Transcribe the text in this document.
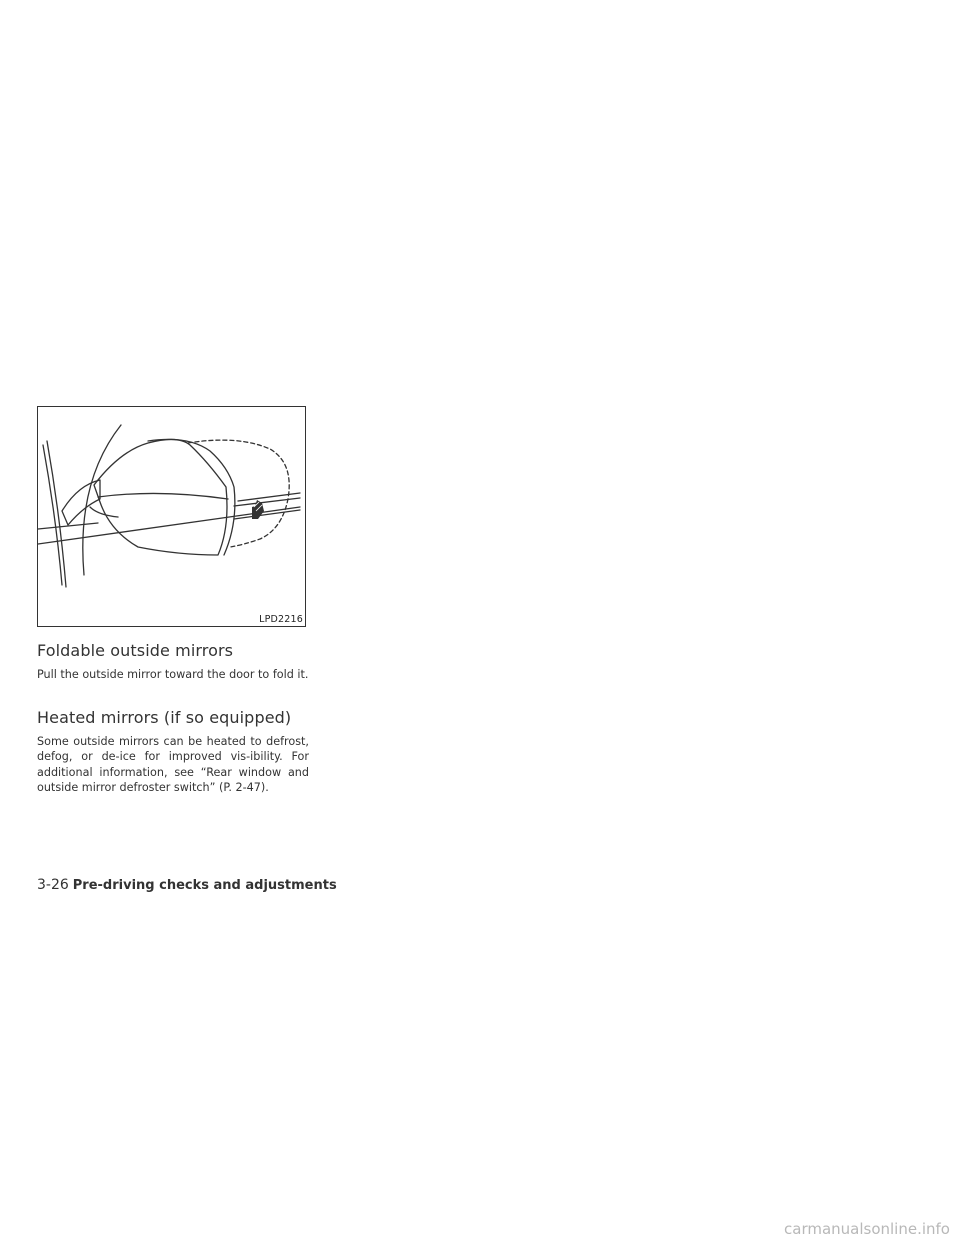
LPD2216
Foldable outside mirrors

Pull the outside mirror toward the door to fold it.

Heated mirrors (if so equipped)

Some outside mirrors can be heated to defrost, defog, or de-ice for improved vis-ibility. For additional information, see “Rear window and outside mirror defroster switch” (P. 2-47).

3-26 Pre-driving checks and adjustments
carmanualsonline.info
